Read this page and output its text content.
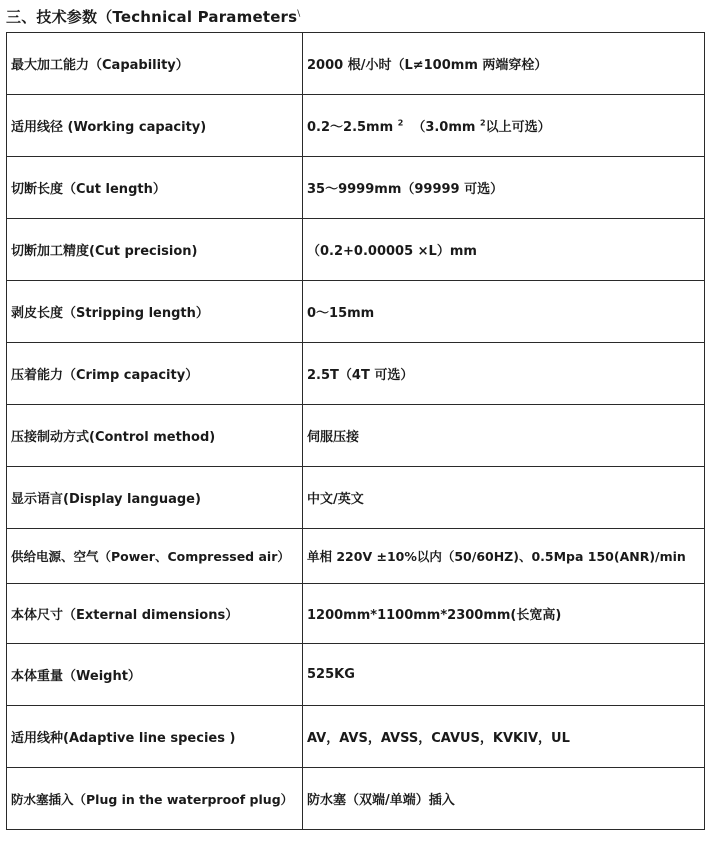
三、技术参数（Technical Parameters\
最大加工能力（Capability）	2000 根/小时（L≠100mm 两端穿栓）
适用线径 (Working capacity)	0.2～2.5mm $^2$ （3.0mm $^2$以上可选）
切断长度（Cut length）	35～9999mm（99999 可选）
切断加工精度(Cut precision)	（0.2+0.00005 ×L）mm
剥皮长度（Stripping length）	0～15mm
压着能力（Crimp capacity）	2.5T（4T 可选）
压接制动方式(Control method)	伺服压接
显示语言(Display language)	中文/英文
供给电源、空气（Power、Compressed air）	单相 220V ±10%以内（50/60HZ)、0.5Mpa 150(ANR)/min
本体尺寸（External dimensions）	1200mm*1100mm*2300mm(长宽高)
本体重量（Weight）	525KG
适用线种(Adaptive line species )	AV，AVS，AVSS，CAVUS，KVKIV，UL
防水塞插入（Plug in the waterproof plug）	防水塞（双端/单端）插入
